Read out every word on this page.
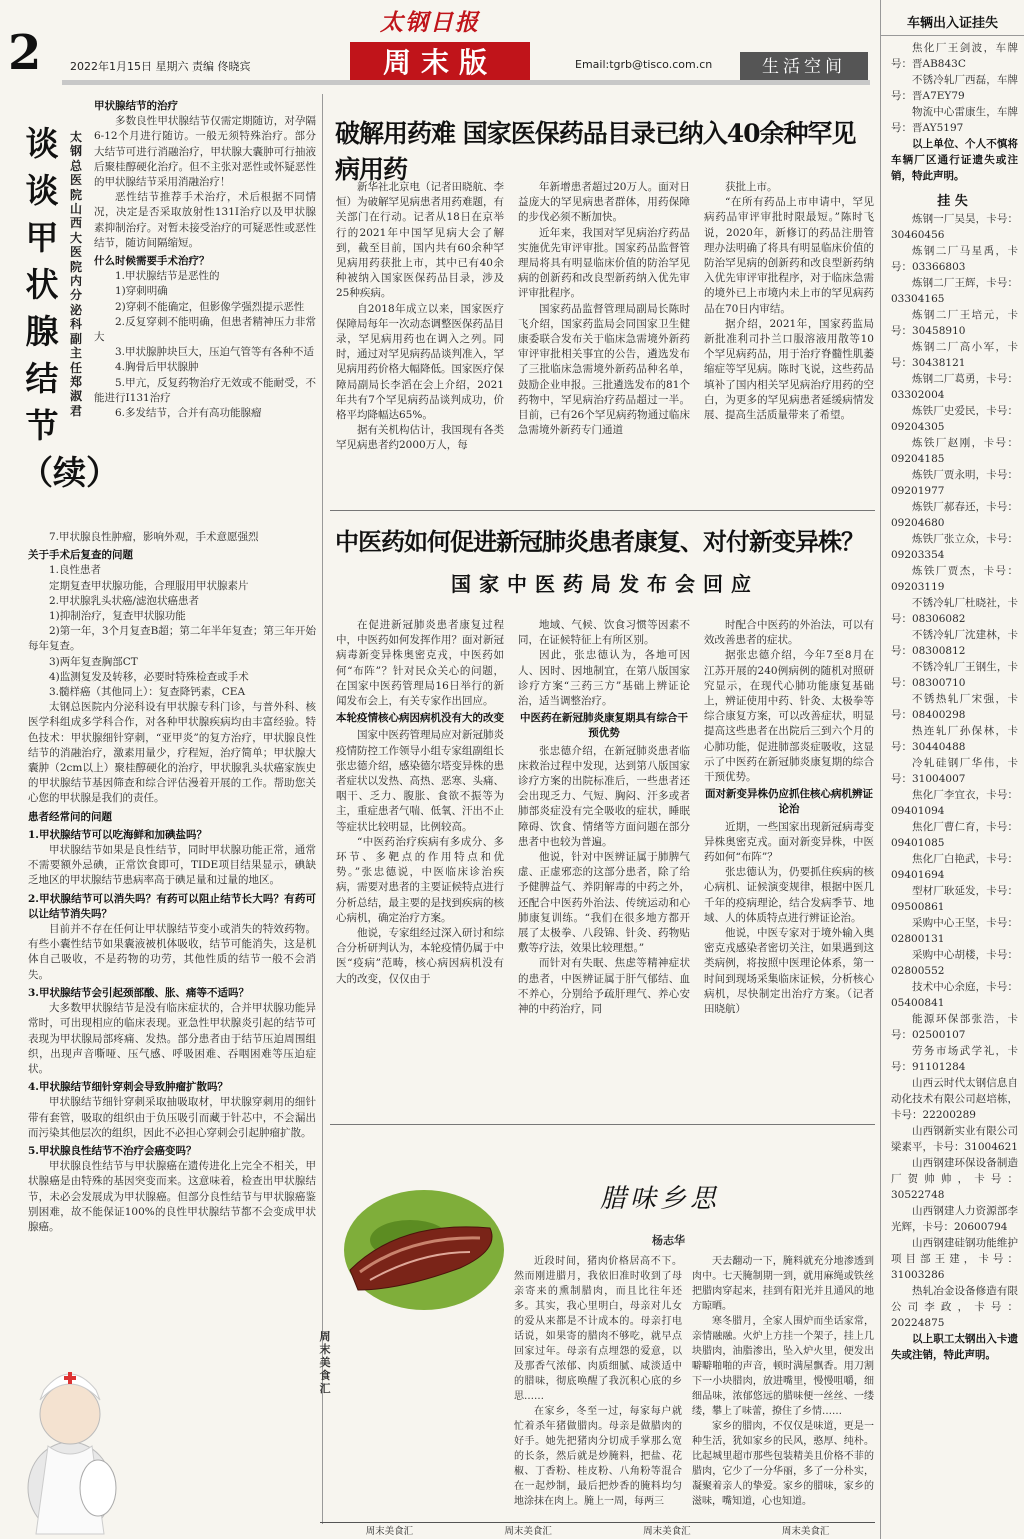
2	2022年1月15日 星期六 责编 佟晓宾
太钢日报
周末版	Email:tgrb@tisco.com.cn	生活空间
谈谈甲状腺结节（续）
太钢总医院山西大医院内分泌科副主任 郑淑君

甲状腺结节的治疗

多数良性甲状腺结节仅需定期随访，对孕隔6-12个月进行随访。一般无须特殊治疗。部分大结节可进行消融治疗，甲状腺大囊肿可行抽液后聚桂醇硬化治疗。但不主张对恶性或怀疑恶性的甲状腺结节采用消融治疗！

恶性结节推荐手术治疗，术后根据不同情况，决定是否采取放射性131I治疗以及甲状腺素抑制治疗。对暂未接受治疗的可疑恶性或恶性结节，随访间隔缩短。

什么时候需要手术治疗？

1.甲状腺结节是恶性的

1)穿刺明确

2)穿刺不能确定，但影像学强烈提示恶性

2.反复穿刺不能明确，但患者精神压力非常大

3.甲状腺肿块巨大，压迫气管等有各种不适

4.胸骨后甲状腺肿

5.甲亢，反复药物治疗无效或不能耐受，不能进行I131治疗

6.多发结节，合并有高功能腺瘤

7.甲状腺良性肿瘤，影响外观，手术意愿强烈

关于手术后复查的问题

1.良性患者

定期复查甲状腺功能，合理服用甲状腺素片

2.甲状腺乳头状癌/滤泡状癌患者

1)抑制治疗，复查甲状腺功能

2)第一年，3个月复查B超；第二年半年复查；第三年开始每年复查。

3)两年复查胸部CT

4)监测复发及转移，必要时特殊检查或手术

3.髓样癌（其他同上）：复查降钙素，CEA

太钢总医院内分泌科设有甲状腺专科门诊，与普外科、核医学科组成多学科合作，对各种甲状腺疾病均由丰富经验。特色技术：甲状腺细针穿刺，“亚甲炎”的复方治疗，甲状腺良性结节的消融治疗，激素用量少，疗程短，治疗简单；甲状腺大囊肿（2cm以上）聚桂醇硬化的治疗，甲状腺乳头状癌家族史的甲状腺结节基因筛查和综合评估漫着开展的工作。帮助您关心您的甲状腺是我们的责任。

患者经常问的问题

1.甲状腺结节可以吃海鲜和加碘盐吗？

甲状腺结节如果是良性结节，同时甲状腺功能正常，通常不需要额外忌碘，正常饮食即可，TIDE项目结果显示，碘缺乏地区的甲状腺结节患病率高于碘足量和过量的地区。

2.甲状腺结节可以消失吗？有药可以阻止结节长大吗？有药可以让结节消失吗？

目前并不存在任何让甲状腺结节变小或消失的特效药物。有些小囊性结节如果囊液被机体吸收，结节可能消失，这是机体自己吸收，不是药物的功劳，其他性质的结节一般不会消失。

3.甲状腺结节会引起颈部酸、胀、痛等不适吗？

大多数甲状腺结节是没有临床症状的，合并甲状腺功能异常时，可出现相应的临床表现。亚急性甲状腺炎引起的结节可表现为甲状腺局部疼痛、发热。部分患者由于结节压迫周围组织，出现声音嘶哑、压气感、呼吸困难、吞咽困难等压迫症状。

4.甲状腺结节细针穿刺会导致肿瘤扩散吗？

甲状腺结节细针穿刺采取抽吸取材，甲状腺穿刺用的细针带有套管，吸取的组织由于负压吸引而藏于针芯中，不会漏出而污染其他层次的组织，因此不必担心穿刺会引起肿瘤扩散。

5.甲状腺良性结节不治疗会癌变吗？

甲状腺良性结节与甲状腺癌在遗传进化上完全不相关，甲状腺癌是由特殊的基因突变而来。这意味着，检查出甲状腺结节，未必会发展成为甲状腺癌。但部分良性结节与甲状腺癌鉴别困难，故不能保证100%的良性甲状腺结节都不会变成甲状腺癌。

破解用药难 国家医保药品目录已纳入40余种罕见病用药

新华社北京电（记者田晓航、李恒）为破解罕见病患者用药难题，有关部门在行动。记者从18日在京举行的2021年中国罕见病大会了解到，截至目前，国内共有60余种罕见病用药获批上市，其中已有40余种被纳入国家医保药品目录，涉及25种疾病。

自2018年成立以来，国家医疗保障局每年一次动态调整医保药品目录，罕见病用药也在调入之列。同时，通过对罕见病药品谈判准入，罕见病用药价格大幅降低。国家医疗保障局副局长李滔在会上介绍，2021年共有7个罕见病药品谈判成功，价格平均降幅达65%。

据有关机构估计，我国现有各类罕见病患者约2000万人，每

年新增患者超过20万人。面对日益庞大的罕见病患者群体，用药保障的步伐必须不断加快。

近年来，我国对罕见病治疗药品实施优先审评审批。国家药品监督管理局将具有明显临床价值的防治罕见病的创新药和改良型新药纳入优先审评审批程序。

国家药品监督管理局副局长陈时飞介绍，国家药监局会同国家卫生健康委联合发布关于临床急需境外新药审评审批相关事宜的公告，遴选发布了三批临床急需境外新药品种名单，鼓励企业申报。三批遴选发布的81个药物中，罕见病治疗药品超过一半。目前，已有26个罕见病药物通过临床急需境外新药专门通道

获批上市。

“在所有药品上市申请中，罕见病药品审评审批时限最短。”陈时飞说，2020年，新修订的药品注册管理办法明确了将具有明显临床价值的防治罕见病的创新药和改良型新药纳入优先审评审批程序，对于临床急需的境外已上市境内未上市的罕见病药品在70日内审结。

据介绍，2021年，国家药监局新批准利司扑兰口服溶液用散等10个罕见病药品，用于治疗脊髓性肌萎缩症等罕见病。陈时飞说，这些药品填补了国内相关罕见病治疗用药的空白，为更多的罕见病患者延缓病情发展、提高生活质量带来了希望。

中医药如何促进新冠肺炎患者康复、对付新变异株？
国家中医药局发布会回应

在促进新冠肺炎患者康复过程中，中医药如何发挥作用？面对新冠病毒新变异株奥密克戎，中医药如何“布阵”？针对民众关心的问题，在国家中医药管理局16日举行的新闻发布会上，有关专家作出回应。

本轮疫情核心病因病机没有大的改变

国家中医药管理局应对新冠肺炎疫情防控工作领导小组专家组副组长张忠德介绍，感染德尔塔变异株的患者症状以发热、高热、恶寒、头痛、咽干、乏力、腹胀、食欲不振等为主，重症患者气喘、低氧、汗出不止等症状比较明显，比例较高。

“中医药治疗疾病有多成分、多环节、多靶点的作用特点和优势。”张忠德说，中医临床诊治疾病，需要对患者的主要证候特点进行分析总结，最主要的是找到疾病的核心病机，确定治疗方案。

他说，专家组经过深入研讨和综合分析研判认为，本轮疫情仍属于中医“疫病”范畴，核心病因病机没有大的改变，仅仅由于

地域、气候、饮食习惯等因素不同，在证候特征上有所区别。

因此，张忠德认为，各地可因人、因时、因地制宜，在第八版国家诊疗方案“三药三方”基础上辨证论治，适当调整治疗。

中医药在新冠肺炎康复期具有综合干预优势

张忠德介绍，在新冠肺炎患者临床救治过程中发现，达到第八版国家诊疗方案的出院标准后，一些患者还会出现乏力、气短、胸闷、汗多或者肺部炎症没有完全吸收的症状，睡眠障碍、饮食、情绪等方面问题在部分患者中也较为普遍。

他说，针对中医辨证属于肺脾气虚、正虚邪恋的这部分患者，除了给予健脾益气、养阴解毒的中药之外，还配合中医药外治法、传统运动和心肺康复训练。“我们在很多地方都开展了太极拳、八段锦、针灸、药物贴敷等疗法，效果比较理想。”

而针对有失眠、焦虑等精神症状的患者，中医辨证属于肝气郁结、血不养心，分别给予疏肝理气、养心安神的中药治疗，同

时配合中医药的外治法，可以有效改善患者的症状。

据张忠德介绍，今年7至8月在江苏开展的240例病例的随机对照研究显示，在现代心肺功能康复基础上，辨证使用中药、针灸、太极拳等综合康复方案，可以改善症状，明显提高这些患者在出院后三到六个月的心肺功能，促进肺部炎症吸收，这显示了中医药在新冠肺炎康复期的综合干预优势。

面对新变异株仍应抓住核心病机辨证论治

近期，一些国家出现新冠病毒变异株奥密克戎。面对新变异株，中医药如何“布阵”？

张忠德认为，仍要抓住疾病的核心病机、证候演变规律，根据中医几千年的疫病理论，结合发病季节、地域、人的体质特点进行辨证论治。

他说，中医专家对于境外输入奥密克戎感染者密切关注，如果遇到这类病例，将按照中医理论体系，第一时间到现场采集临床证候，分析核心病机，尽快制定出治疗方案。（记者 田晓航）

周末美食汇
腊味乡思
杨志华

近段时间，猪肉价格居高不下。然而刚进腊月，我依旧准时收到了母亲寄来的熏制腊肉，而且比往年还多。其实，我心里明白，母亲对儿女的爱从来都是不计成本的。母亲打电话说，如果寄的腊肉不够吃，就早点回家过年。母亲有点埋怨的爱意，以及那香气浓郁、肉质细腻、咸淡适中的腊味，彻底唤醒了我沉积心底的乡思……

在家乡，冬至一过，每家每户就忙着杀年猪做腊肉。母亲是做腊肉的好手。她先把猪肉分切成手掌那么宽的长条，然后就是炒腌料，把盐、花椒、丁香粉、桂皮粉、八角粉等混合在一起炒制，最后把炒香的腌料均匀地涂抹在肉上。腌上一周，每两三

天去翻动一下，腌料就充分地渗透到肉中。七天腌制期一到，就用麻绳或铁丝把腊肉穿起来，挂到有阳光并且通风的地方晾晒。

寒冬腊月，全家人围炉而坐话家常，亲情融融。火炉上方挂一个架子，挂上几块腊肉，油脂渗出，坠入炉火里，便发出噼噼啪啪的声音，顿时满屋飘香。用刀割下一小块腊肉，放进嘴里，慢慢咀嚼，细细品味，浓郁悠远的腊味便一丝丝、一缕缕，攀上了味蕾，撩住了乡情……

家乡的腊肉，不仅仅是味道，更是一种生活，犹如家乡的民风，憨厚、纯朴。比起城里超市那些包装精美且价格不菲的腊肉，它少了一分华丽，多了一分朴实，凝聚着亲人的挚爱。家乡的腊味，家乡的滋味，嘴知道，心也知道。

周末美食汇	周末美食汇	周末美食汇	周末美食汇
车辆出入证挂失

焦化厂王剑波，车牌号：晋AB843C

不锈冷轧厂西磊，车牌号：晋A7EY79

物流中心雷康生，车牌号：晋AY5197

以上单位、个人不慎将车辆厂区通行证遗失或注销，特此声明。

挂 失

炼钢一厂吴昊，卡号：30460456

炼钢二厂马星禹，卡号：03366803

炼钢二厂王辉，卡号：03304165

炼钢二厂王培元，卡号：30458910

炼钢二厂高小军，卡号：30438121

炼钢二厂葛勇，卡号：03302004

炼铁厂史爱民，卡号：09204305

炼铁厂赵刚，卡号：09204185

炼铁厂贾永明，卡号：09201977

炼铁厂郝春还，卡号：09204680

炼铁厂张立众，卡号：09203354

炼铁厂贾杰，卡号：09203119

不锈冷轧厂杜晓社，卡号：08306082

不锈冷轧厂沈建林，卡号：08300812

不锈冷轧厂王钢生，卡号：08300710

不锈热轧厂宋强，卡号：08400298

热连轧厂孙保林，卡号：30440488

冷轧硅钢厂华伟，卡号：31004007

焦化厂李宜衣，卡号：09401094

焦化厂曹仁育，卡号：09401085

焦化厂白艳武，卡号：09401694

型材厂耿延发，卡号：09500861

采购中心王坚，卡号：02800131

采购中心胡楼，卡号：02800552

技术中心余庭，卡号：05400841

能源环保部张浩，卡号：02500107

劳务市场武学礼，卡号：91101284

山西云时代太钢信息自动化技术有限公司赵培栋，卡号：22200289

山西钢新实业有限公司梁素平，卡号：31004621

山西钢建环保设备制造厂贺帅帅，卡号：30522748

山西钢建人力资源部李光辉，卡号：20600794

山西钢建硅钢功能维护项目部王建，卡号：31003286

热轧冶金设备修造有限公司李政，卡号：20224875

以上职工太钢出入卡遗失或注销，特此声明。
